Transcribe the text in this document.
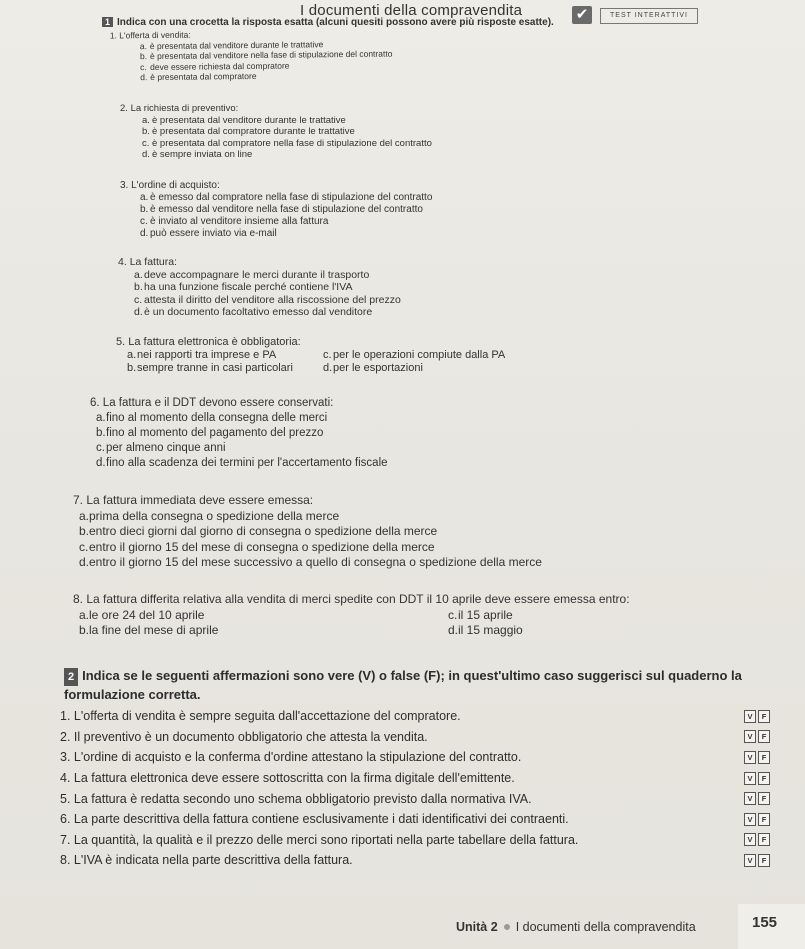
I documenti della compravendita	✔	TEST INTERATTIVI
1 Indica con una crocetta la risposta esatta (alcuni quesiti possono avere più risposte esatte).
1. L'offerta di vendita:
a. è presentata dal venditore durante le trattative
b. è presentata dal venditore nella fase di stipulazione del contratto
c. deve essere richiesta dal compratore
d. è presentata dal compratore
2. La richiesta di preventivo:
a. è presentata dal venditore durante le trattative
b. è presentata dal compratore durante le trattative
c. è presentata dal compratore nella fase di stipulazione del contratto
d. è sempre inviata on line
3. L'ordine di acquisto:
a. è emesso dal compratore nella fase di stipulazione del contratto
b. è emesso dal venditore nella fase di stipulazione del contratto
c. è inviato al venditore insieme alla fattura
d. può essere inviato via e-mail
4. La fattura:
a.deve accompagnare le merci durante il trasporto
b.ha una funzione fiscale perché contiene l'IVA
c. attesta il diritto del venditore alla riscossione del prezzo
d.è un documento facoltativo emesso dal venditore
5. La fattura elettronica è obbligatoria:
a.nei rapporti tra imprese e PA
b.sempre tranne in casi particolari
c.per le operazioni compiute dalla PA
d.per le esportazioni
6. La fattura e il DDT devono essere conservati:
a.fino al momento della consegna delle merci
b.fino al momento del pagamento del prezzo
c.per almeno cinque anni
d.fino alla scadenza dei termini per l'accertamento fiscale
7. La fattura immediata deve essere emessa:
a.prima della consegna o spedizione della merce
b.entro dieci giorni dal giorno di consegna o spedizione della merce
c.entro il giorno 15 del mese di consegna o spedizione della merce
d.entro il giorno 15 del mese successivo a quello di consegna o spedizione della merce
8. La fattura differita relativa alla vendita di merci spedite con DDT il 10 aprile deve essere emessa entro:
a.le ore 24 del 10 aprile
b.la fine del mese di aprile
c.il 15 aprile
d.il 15 maggio
2 Indica se le seguenti affermazioni sono vere (V) o false (F); in quest'ultimo caso suggerisci sul quaderno la formulazione corretta.
1. L'offerta di vendita è sempre seguita dall'accettazione del compratore.	V	F
2. Il preventivo è un documento obbligatorio che attesta la vendita.	V	F
3. L'ordine di acquisto e la conferma d'ordine attestano la stipulazione del contratto.	V	F
4. La fattura elettronica deve essere sottoscritta con la firma digitale dell'emittente.	V	F
5. La fattura è redatta secondo uno schema obbligatorio previsto dalla normativa IVA.	V	F
6. La parte descrittiva della fattura contiene esclusivamente i dati identificativi dei contraenti.	V	F
7. La quantità, la qualità e il prezzo delle merci sono riportati nella parte tabellare della fattura.	V	F
8. L'IVA è indicata nella parte descrittiva della fattura.	V	F
Unità 2 I documenti della compravendita	155
